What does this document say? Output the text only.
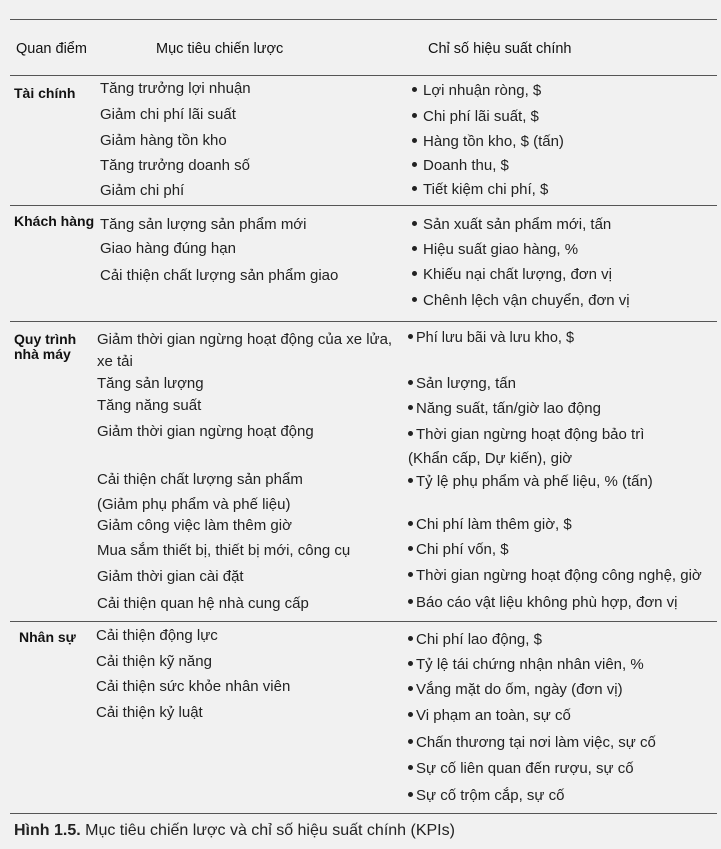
Quan điểm	Mục tiêu chiến lược	Chỉ số hiệu suất chính
Tài chính Tăng trưởng lợi nhuận
Giảm chi phí lãi suất
Giảm hàng tồn kho
Tăng trưởng doanh số
Giảm chi phí
Lợi nhuận ròng, $
Chi phí lãi suất, $
Hàng tồn kho, $ (tấn)
Doanh thu, $
Tiết kiệm chi phí, $
Khách hàng Tăng sản lượng sản phẩm mới
Giao hàng đúng hạn
Cải thiện chất lượng sản phẩm giao
Sản xuất sản phẩm mới, tấn
Hiệu suất giao hàng, %
Khiếu nại chất lượng, đơn vị
Chênh lệch vận chuyển, đơn vị
Quy trình nhà máy
Giảm thời gian ngừng hoạt động của xe lửa,
xe tải
Tăng sản lượng
Tăng năng suất
Giảm thời gian ngừng hoạt động
Cải thiện chất lượng sản phẩm
(Giảm phụ phẩm và phế liệu)
Giảm công việc làm thêm giờ
Mua sắm thiết bị, thiết bị mới, công cụ
Giảm thời gian cài đặt
Cải thiện quan hệ nhà cung cấp
Phí lưu bãi và lưu kho, $
Sản lượng, tấn
Năng suất, tấn/giờ lao động
Thời gian ngừng hoạt động bảo trì
(Khẩn cấp, Dự kiến), giờ
Tỷ lệ phụ phẩm và phế liệu, % (tấn)
Chi phí làm thêm giờ, $
Chi phí vốn, $
Thời gian ngừng hoạt động công nghệ, giờ
Báo cáo vật liệu không phù hợp, đơn vị
Nhân sự Cải thiện động lực
Cải thiện kỹ năng
Cải thiện sức khỏe nhân viên
Cải thiện kỷ luật
Chi phí lao động, $
Tỷ lệ tái chứng nhận nhân viên, %
Vắng mặt do ốm, ngày (đơn vị)
Vi phạm an toàn, sự cố
Chấn thương tại nơi làm việc, sự cố
Sự cố liên quan đến rượu, sự cố
Sự cố trộm cắp, sự cố
Hình 1.5. Mục tiêu chiến lược và chỉ số hiệu suất chính (KPIs)
